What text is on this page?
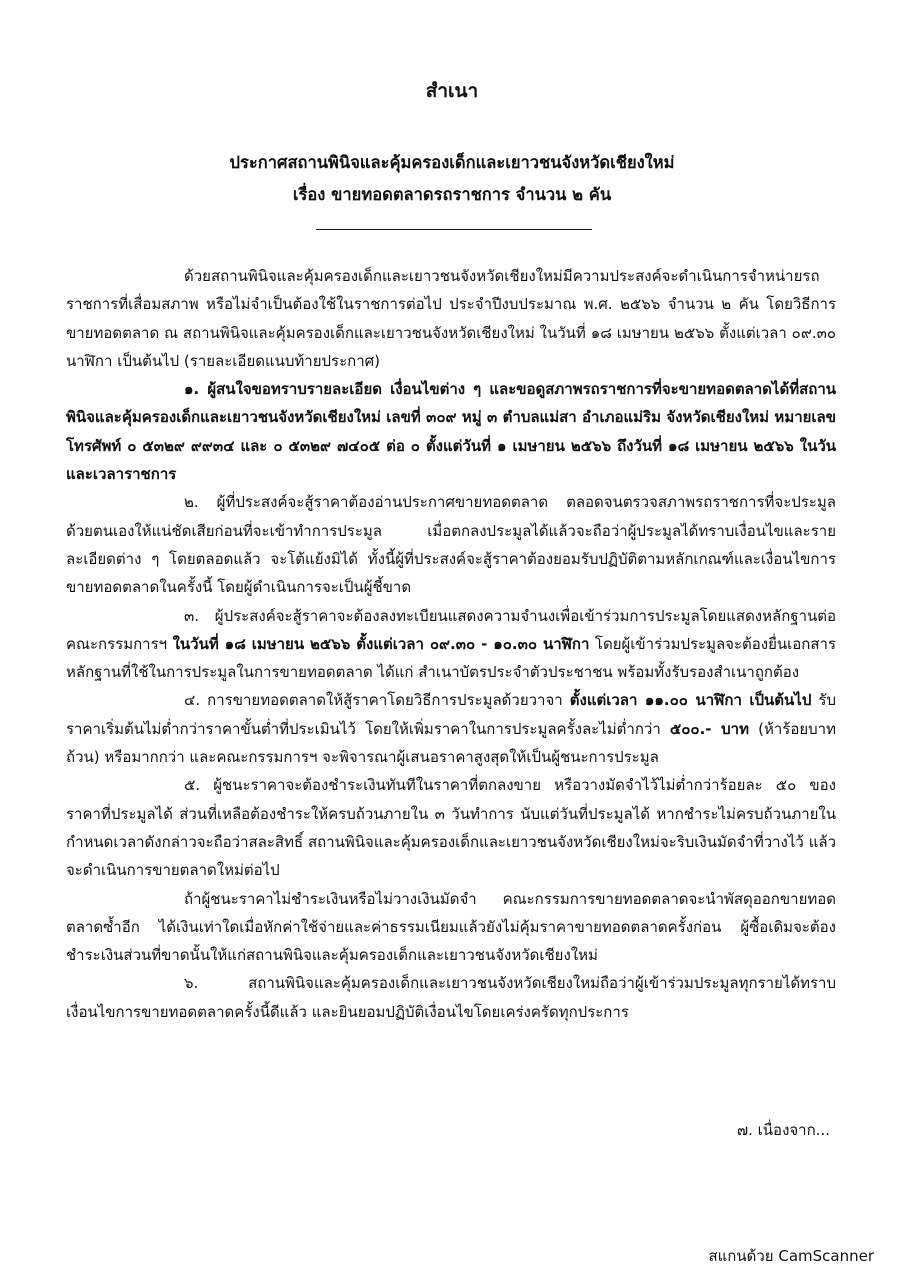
สำเนา
ประกาศสถานพินิจและคุ้มครองเด็กและเยาวชนจังหวัดเชียงใหม่
เรื่อง ขายทอดตลาดรถราชการ จำนวน ๒ คัน

ด้วยสถานพินิจและคุ้มครองเด็กและเยาวชนจังหวัดเชียงใหม่มีความประสงค์จะดำเนินการจำหน่ายรถราชการที่เสื่อมสภาพ หรือไม่จำเป็นต้องใช้ในราชการต่อไป ประจำปีงบประมาณ พ.ศ. ๒๕๖๖ จำนวน ๒ คัน โดยวิธีการขายทอดตลาด ณ สถานพินิจและคุ้มครองเด็กและเยาวชนจังหวัดเชียงใหม่ ในวันที่ ๑๘ เมษายน ๒๕๖๖ ตั้งแต่เวลา ๐๙.๓๐ นาฬิกา เป็นต้นไป (รายละเอียดแนบท้ายประกาศ)

๑. ผู้สนใจขอทราบรายละเอียด เงื่อนไขต่าง ๆ และขอดูสภาพรถราชการที่จะขายทอดตลาดได้ที่สถานพินิจและคุ้มครองเด็กและเยาวชนจังหวัดเชียงใหม่ เลขที่ ๓๐๙ หมู่ ๓ ตำบลแม่สา อำเภอแม่ริม จังหวัดเชียงใหม่ หมายเลขโทรศัพท์ ๐ ๕๓๒๙ ๙๙๓๔ และ ๐ ๕๓๒๙ ๗๔๐๕ ต่อ ๐ ตั้งแต่วันที่ ๑ เมษายน ๒๕๖๖ ถึงวันที่ ๑๘ เมษายน ๒๕๖๖ ในวันและเวลาราชการ

๒. ผู้ที่ประสงค์จะสู้ราคาต้องอ่านประกาศขายทอดตลาด ตลอดจนตรวจสภาพรถราชการที่จะประมูลด้วยตนเองให้แน่ชัดเสียก่อนที่จะเข้าทำการประมูล เมื่อตกลงประมูลได้แล้วจะถือว่าผู้ประมูลได้ทราบเงื่อนไขและรายละเอียดต่าง ๆ โดยตลอดแล้ว จะโต้แย้งมิได้ ทั้งนี้ผู้ที่ประสงค์จะสู้ราคาต้องยอมรับปฏิบัติตามหลักเกณฑ์และเงื่อนไขการขายทอดตลาดในครั้งนี้ โดยผู้ดำเนินการจะเป็นผู้ชี้ขาด

๓. ผู้ประสงค์จะสู้ราคาจะต้องลงทะเบียนแสดงความจำนงเพื่อเข้าร่วมการประมูลโดยแสดงหลักฐานต่อคณะกรรมการฯ ในวันที่ ๑๘ เมษายน ๒๕๖๖ ตั้งแต่เวลา ๐๙.๓๐ - ๑๐.๓๐ นาฬิกา โดยผู้เข้าร่วมประมูลจะต้องยื่นเอกสารหลักฐานที่ใช้ในการประมูลในการขายทอดตลาด ได้แก่ สำเนาบัตรประจำตัวประชาชน พร้อมทั้งรับรองสำเนาถูกต้อง

๔. การขายทอดตลาดให้สู้ราคาโดยวิธีการประมูลด้วยวาจา ตั้งแต่เวลา ๑๑.๐๐ นาฬิกา เป็นต้นไป รับราคาเริ่มต้นไม่ต่ำกว่าราคาขั้นต่ำที่ประเมินไว้ โดยให้เพิ่มราคาในการประมูลครั้งละไม่ต่ำกว่า ๕๐๐.- บาท (ห้าร้อยบาทถ้วน) หรือมากกว่า และคณะกรรมการฯ จะพิจารณาผู้เสนอราคาสูงสุดให้เป็นผู้ชนะการประมูล

๕. ผู้ชนะราคาจะต้องชำระเงินทันทีในราคาที่ตกลงขาย หรือวางมัดจำไว้ไม่ต่ำกว่าร้อยละ ๕๐ ของราคาที่ประมูลได้ ส่วนที่เหลือต้องชำระให้ครบถ้วนภายใน ๓ วันทำการ นับแต่วันที่ประมูลได้ หากชำระไม่ครบถ้วนภายในกำหนดเวลาดังกล่าวจะถือว่าสละสิทธิ์ สถานพินิจและคุ้มครองเด็กและเยาวชนจังหวัดเชียงใหม่จะริบเงินมัดจำที่วางไว้ แล้วจะดำเนินการขายตลาดใหม่ต่อไป

ถ้าผู้ชนะราคาไม่ชำระเงินหรือไม่วางเงินมัดจำ คณะกรรมการขายทอดตลาดจะนำพัสดุออกขายทอดตลาดซ้ำอีก ได้เงินเท่าใดเมื่อหักค่าใช้จ่ายและค่าธรรมเนียมแล้วยังไม่คุ้มราคาขายทอดตลาดครั้งก่อน ผู้ซื้อเดิมจะต้องชำระเงินส่วนที่ขาดนั้นให้แก่สถานพินิจและคุ้มครองเด็กและเยาวชนจังหวัดเชียงใหม่

๖. สถานพินิจและคุ้มครองเด็กและเยาวชนจังหวัดเชียงใหม่ถือว่าผู้เข้าร่วมประมูลทุกรายได้ทราบเงื่อนไขการขายทอดตลาดครั้งนี้ดีแล้ว และยินยอมปฏิบัติเงื่อนไขโดยเคร่งครัดทุกประการ

๗. เนื่องจาก...
สแกนด้วย CamScanner
